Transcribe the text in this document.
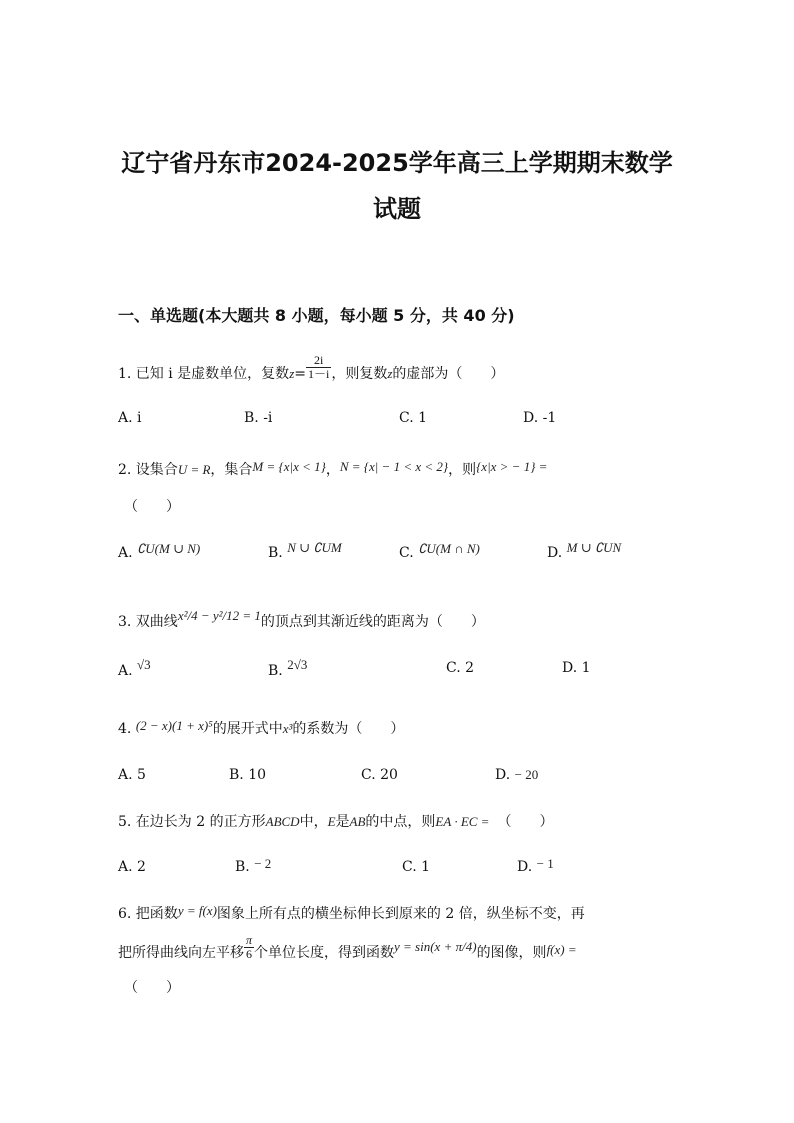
辽宁省丹东市2024-2025学年高三上学期期末数学
试题
一、单选题(本大题共 8 小题，每小题 5 分，共 40 分)
1. 已知 i 是虚数单位，复数$z= \frac{2i}{1-i}$ ，则复数z的虚部为（　　）
A. i	B. -i	C. 1	D. -1
2. 设集合U = R，集合M = {x|x < 1}，N = {x| − 1 < x < 2}，则{x|x > − 1} =
（　　）
A. ∁U(M ∪ N)	B. N ∪ ∁UM	C. ∁U(M ∩ N)	D. M ∪ ∁UN
3. 双曲线x²/4 − y²/12 = 1的顶点到其渐近线的距离为（　　）
A. √3	B. 2√3	C. 2	D. 1
4. (2 − x)(1 + x)⁵的展开式中x³的系数为（　　）
A. 5	B. 10	C. 20	D. − 20
5. 在边长为 2 的正方形ABCD中，E是AB的中点，则EA · EC = （　　）
A. 2	B. − 2	C. 1	D. − 1
6. 把函数y = f(x)图象上所有点的横坐标伸长到原来的 2 倍，纵坐标不变，再
把所得曲线向左平移 $\frac{\pi}{6}$ 个单位长度，得到函数y = sin(x + π/4)的图像，则f(x) =
（　　）
